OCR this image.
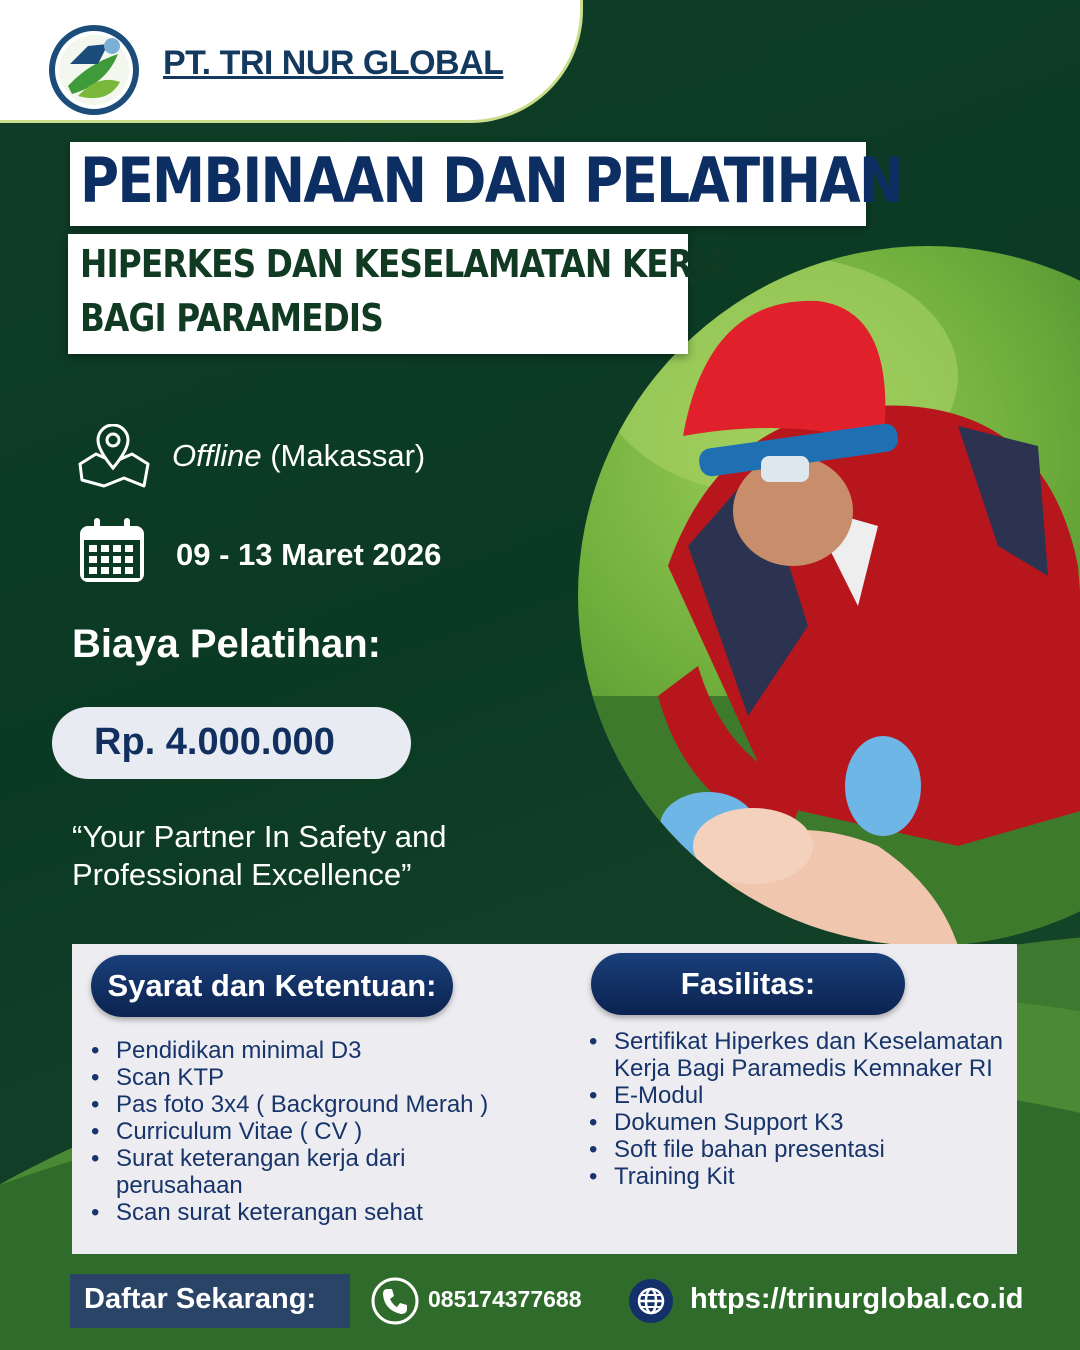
PT. TRI NUR GLOBAL
PEMBINAAN DAN PELATIHAN
HIPERKES DAN KESELAMATAN KERJA
BAGI PARAMEDIS
Offline (Makassar)
09 - 13 Maret 2026
Biaya Pelatihan:
Rp. 4.000.000
“Your Partner In Safety and Professional Excellence”
Syarat dan Ketentuan:	Fasilitas:
• Pendidikan minimal D3
• Scan KTP
• Pas foto 3x4 ( Background Merah )
• Curriculum Vitae ( CV )
• Surat keterangan kerja dari perusahaan
• Scan surat keterangan sehat
• Sertifikat Hiperkes dan Keselamatan Kerja Bagi Paramedis Kemnaker RI
• E-Modul
• Dokumen Support K3
• Soft file bahan presentasi
• Training Kit
Daftar Sekarang:	085174377688	https://trinurglobal.co.id
